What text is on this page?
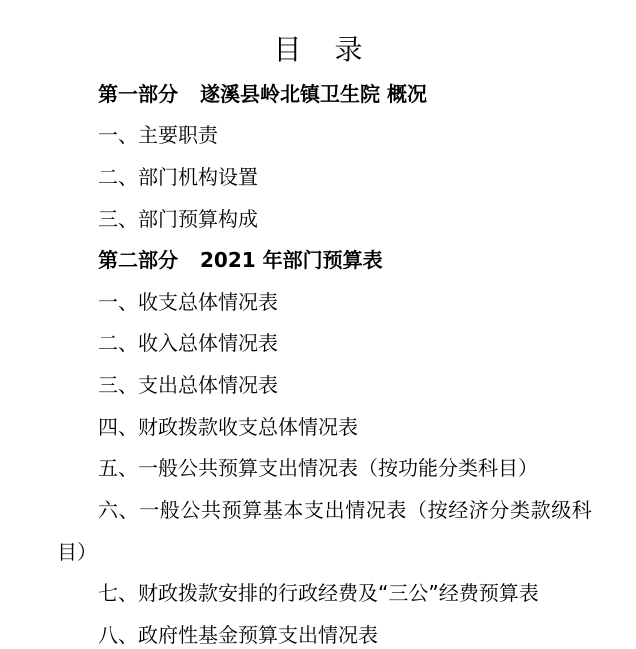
目 录
第一部分 遂溪县岭北镇卫生院 概况
一、主要职责
二、部门机构设置
三、部门预算构成
第二部分 2021 年部门预算表
一、收支总体情况表
二、收入总体情况表
三、支出总体情况表
四、财政拨款收支总体情况表
五、一般公共预算支出情况表（按功能分类科目）
六、一般公共预算基本支出情况表（按经济分类款级科
目）
七、财政拨款安排的行政经费及“三公”经费预算表
八、政府性基金预算支出情况表
